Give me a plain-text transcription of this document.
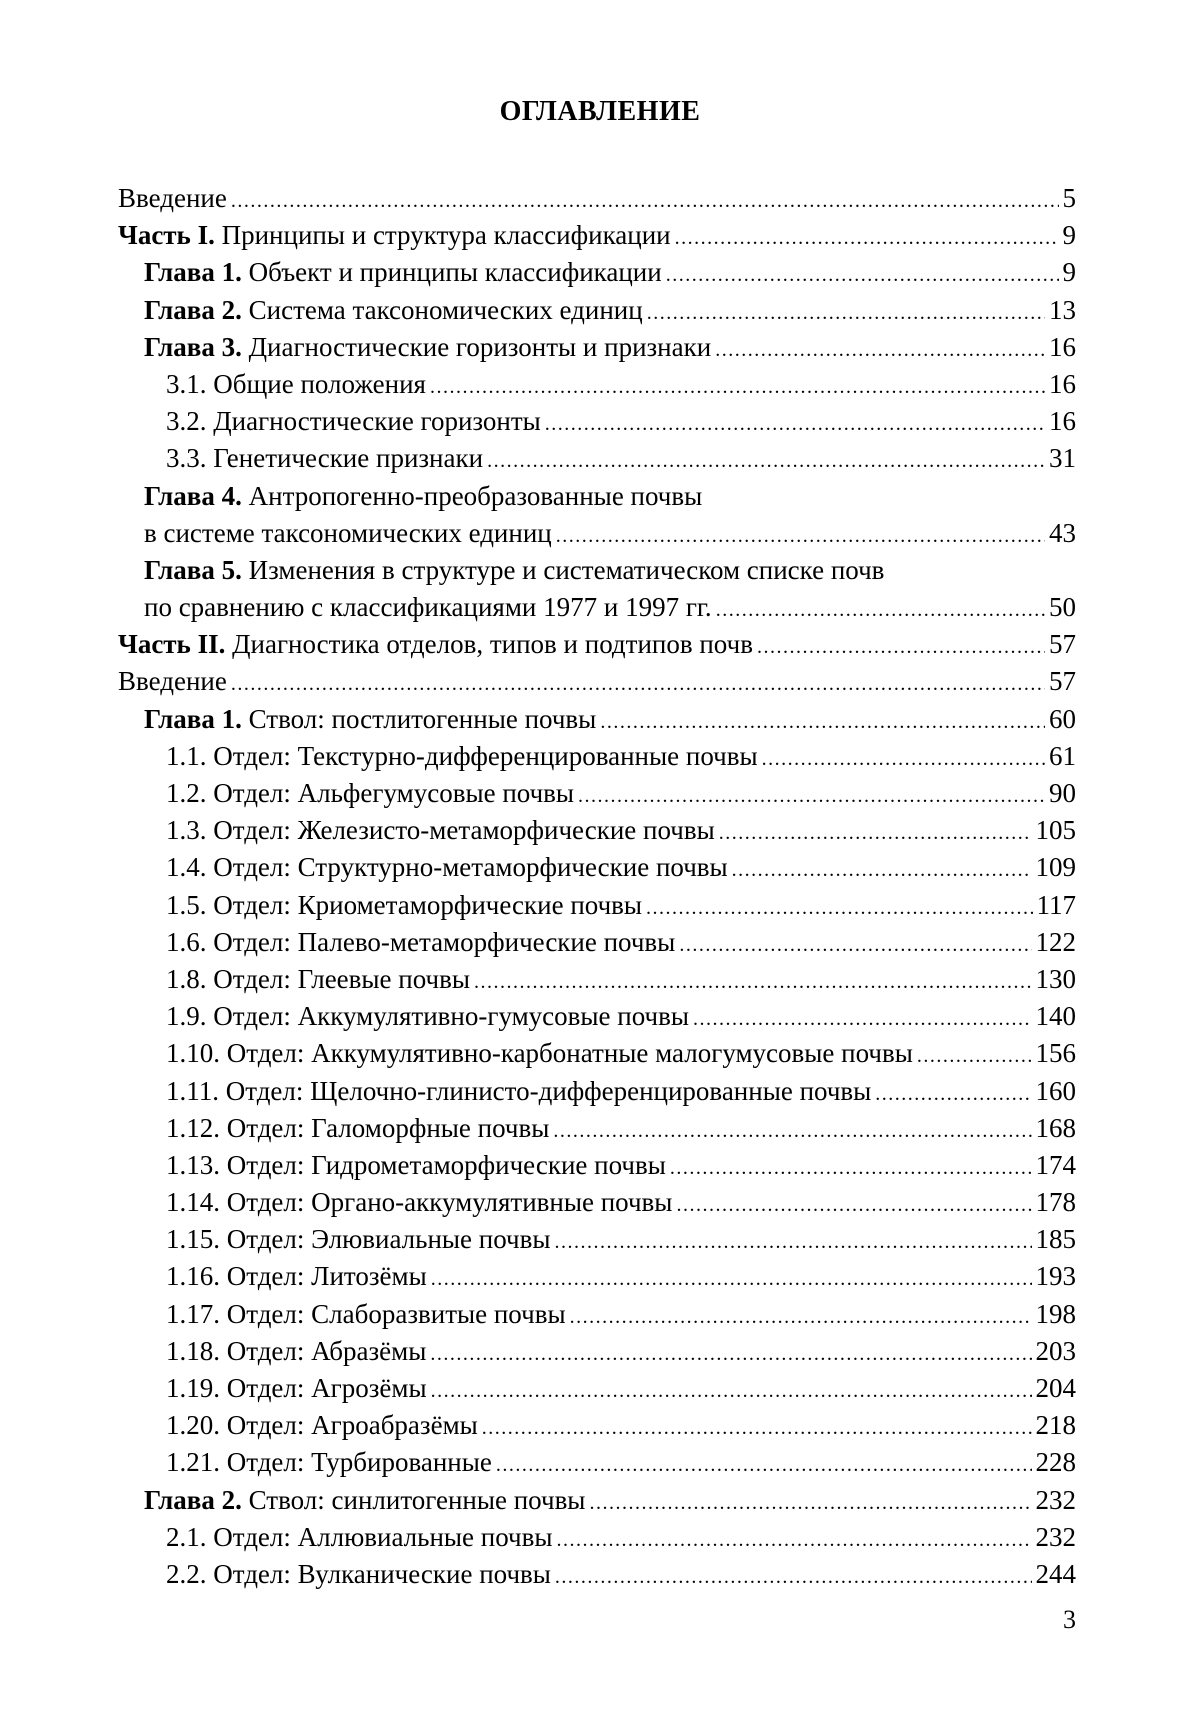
ОГЛАВЛЕНИЕ
Введение .....	5
Часть I. Принципы и структура классификации .....	9
Глава 1. Объект и принципы классификации .....	9
Глава 2. Система таксономических единиц .....	13
Глава 3. Диагностические горизонты и признаки .....	16
3.1. Общие положения .....	16
3.2. Диагностические горизонты .....	16
3.3. Генетические признаки .....	31
Глава 4. Антропогенно-преобразованные почвы
в системе таксономических единиц .....	43
Глава 5. Изменения в структуре и систематическом списке почв
по сравнению с классификациями 1977 и 1997 гг. .....	50
Часть II. Диагностика отделов, типов и подтипов почв .....	57
Введение .....	57
Глава 1. Ствол: постлитогенные почвы .....	60
1.1. Отдел: Текстурно-дифференцированные почвы .....	61
1.2. Отдел: Альфегумусовые почвы .....	90
1.3. Отдел: Железисто-метаморфические почвы .....	105
1.4. Отдел: Структурно-метаморфические почвы .....	109
1.5. Отдел: Криометаморфические почвы .....	117
1.6. Отдел: Палево-метаморфические почвы .....	122
1.8. Отдел: Глеевые почвы .....	130
1.9. Отдел: Аккумулятивно-гумусовые почвы .....	140
1.10. Отдел: Аккумулятивно-карбонатные малогумусовые почвы .....	156
1.11. Отдел: Щелочно-глинисто-дифференцированные почвы .....	160
1.12. Отдел: Галоморфные почвы .....	168
1.13. Отдел: Гидрометаморфические почвы .....	174
1.14. Отдел: Органо-аккумулятивные почвы .....	178
1.15. Отдел: Элювиальные почвы .....	185
1.16. Отдел: Литозёмы .....	193
1.17. Отдел: Слаборазвитые почвы .....	198
1.18. Отдел: Абразёмы .....	203
1.19. Отдел: Агрозёмы .....	204
1.20. Отдел: Агроабразёмы .....	218
1.21. Отдел: Турбированные .....	228
Глава 2. Ствол: синлитогенные почвы .....	232
2.1. Отдел: Аллювиальные почвы .....	232
2.2. Отдел: Вулканические почвы .....	244
3
